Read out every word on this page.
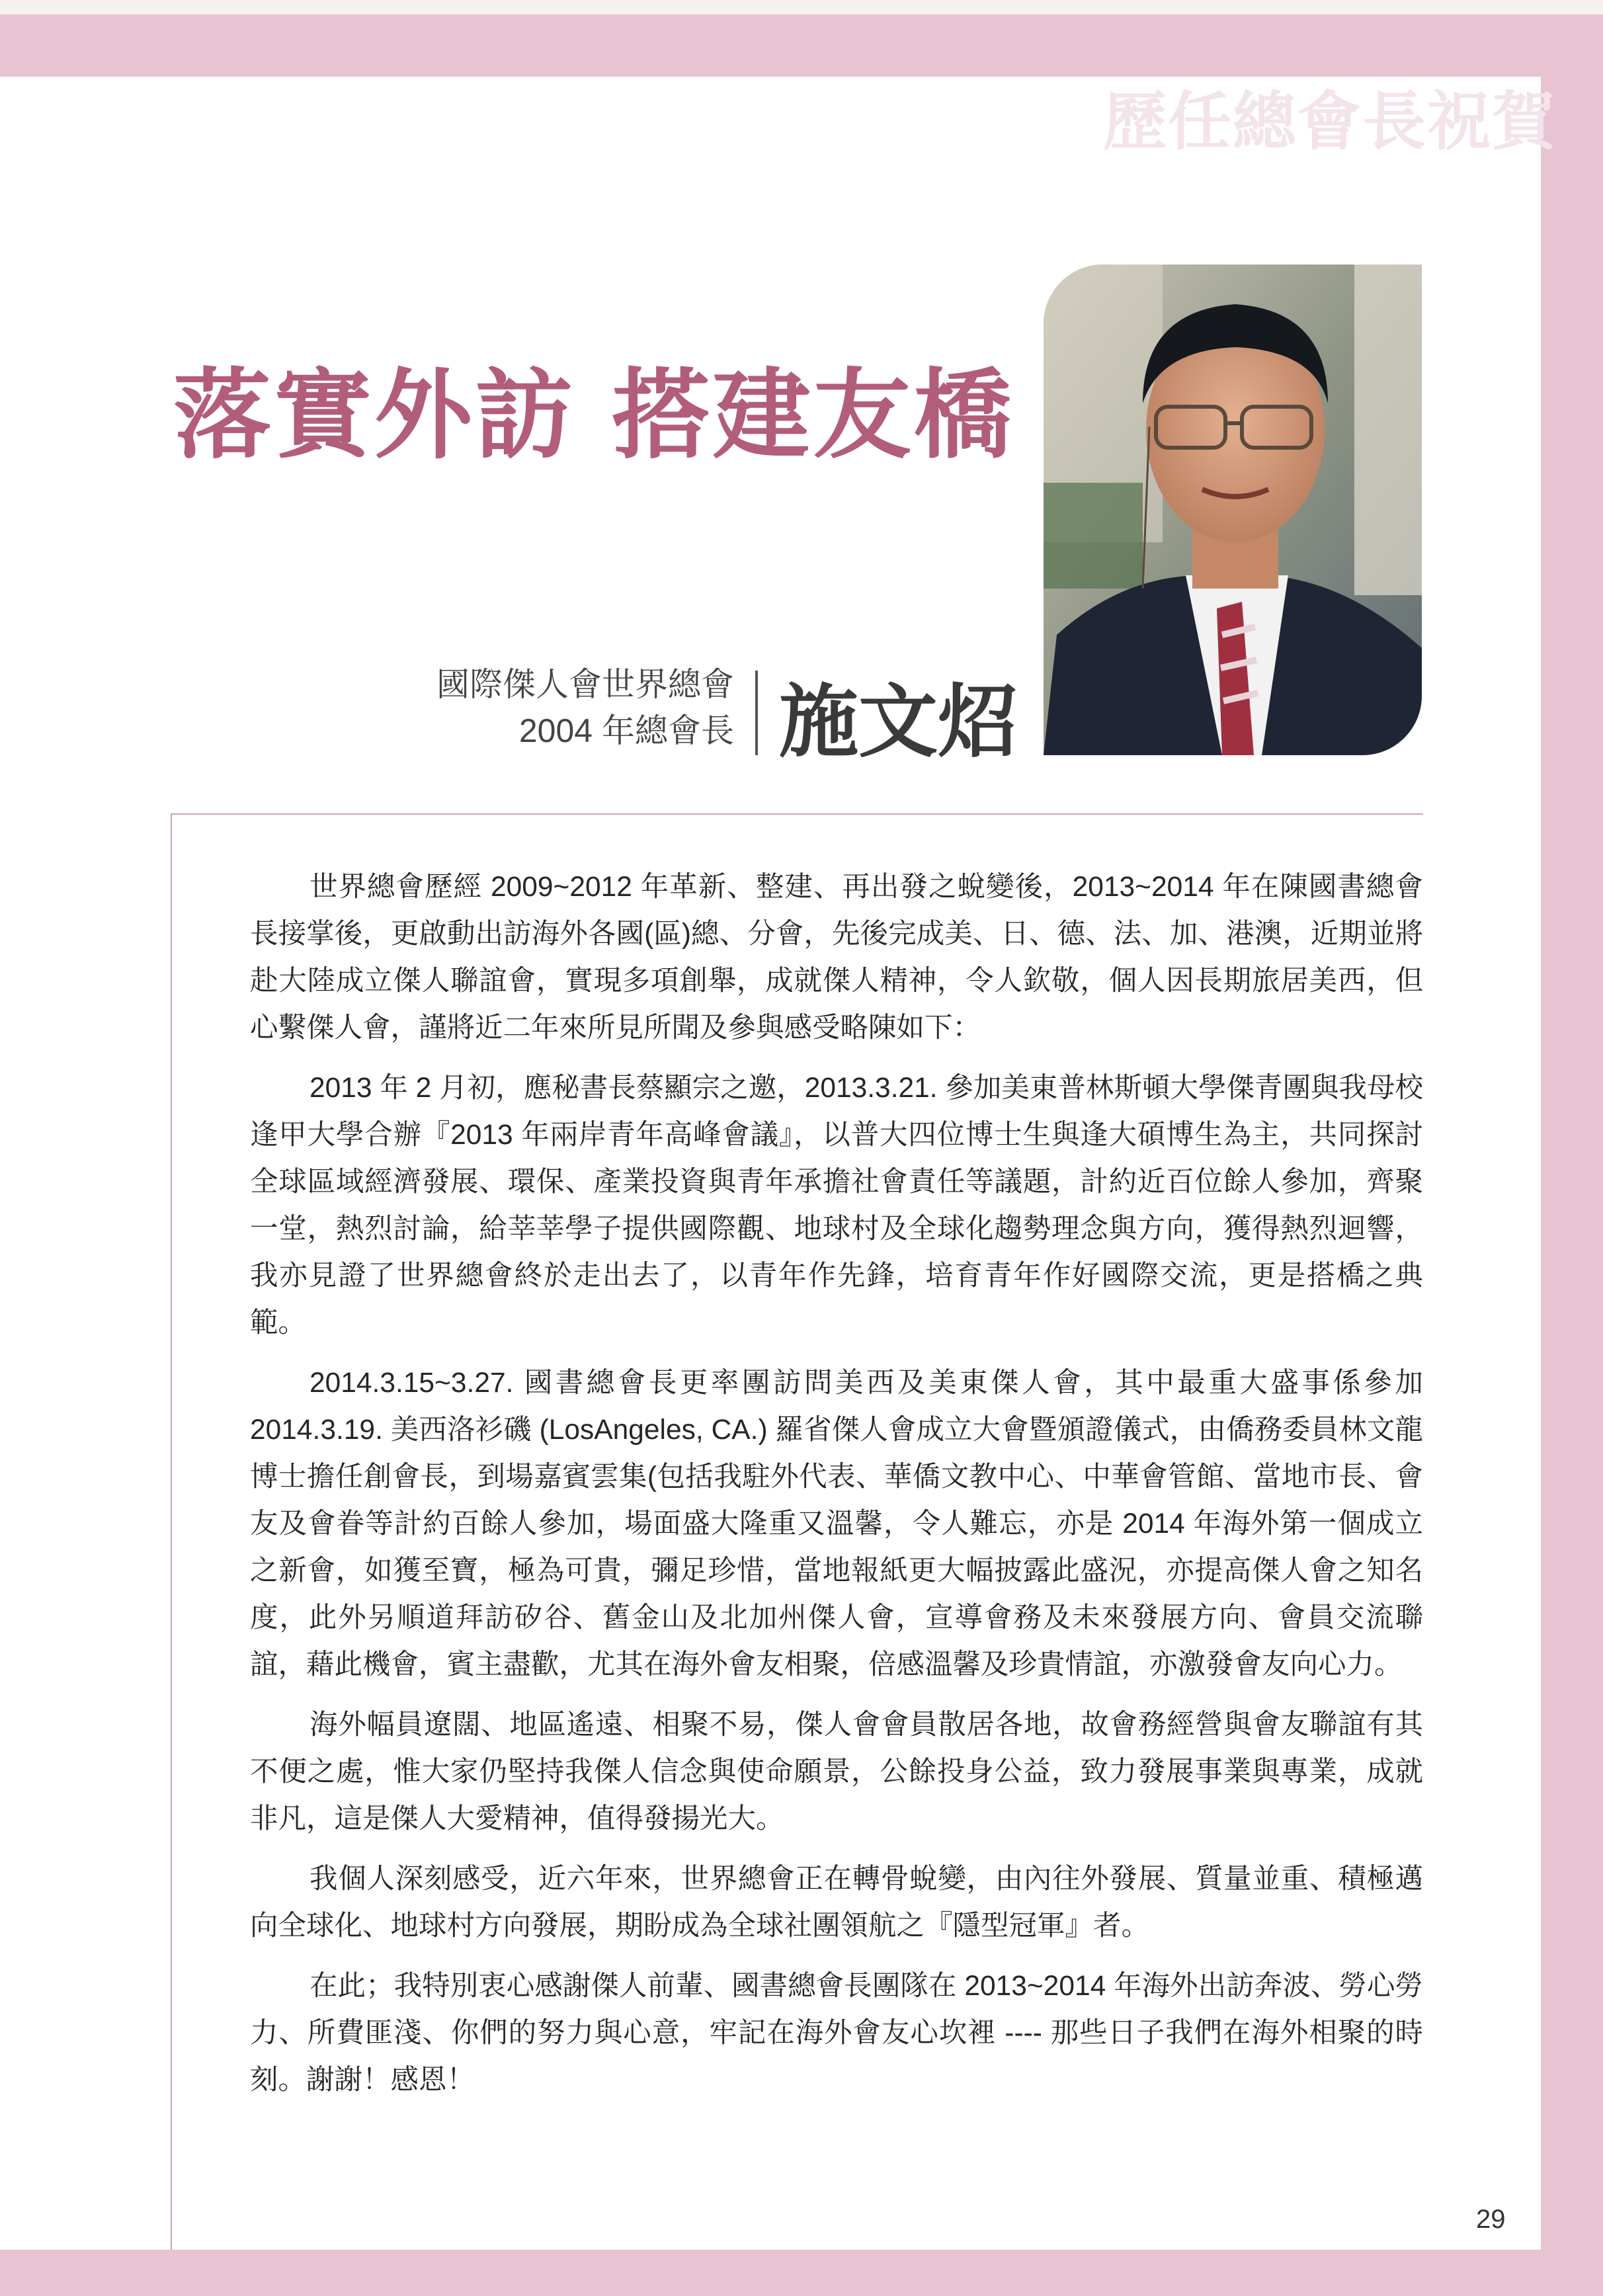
歷任總會長祝賀
落實外訪 搭建友橋
國際傑人會世界總會
2004 年總會長 施文炤

世界總會歷經 2009~2012 年革新、整建、再出發之蛻變後，2013~2014 年在陳國書總會長接掌後，更啟動出訪海外各國(區)總、分會，先後完成美、日、德、法、加、港澳，近期並將赴大陸成立傑人聯誼會，實現多項創舉，成就傑人精神，令人欽敬，個人因長期旅居美西，但心繫傑人會，謹將近二年來所見所聞及參與感受略陳如下：

2013 年 2 月初，應秘書長蔡顯宗之邀，2013.3.21. 參加美東普林斯頓大學傑青團與我母校逢甲大學合辦『2013 年兩岸青年高峰會議』，以普大四位博士生與逢大碩博生為主，共同探討全球區域經濟發展、環保、產業投資與青年承擔社會責任等議題，計約近百位餘人參加，齊聚一堂，熱烈討論，給莘莘學子提供國際觀、地球村及全球化趨勢理念與方向，獲得熱烈迴響，我亦見證了世界總會終於走出去了，以青年作先鋒，培育青年作好國際交流，更是搭橋之典範。

2014.3.15~3.27. 國書總會長更率團訪問美西及美東傑人會，其中最重大盛事係參加 2014.3.19. 美西洛衫磯 (LosAngeles, CA.) 羅省傑人會成立大會暨頒證儀式，由僑務委員林文龍博士擔任創會長，到場嘉賓雲集(包括我駐外代表、華僑文教中心、中華會管館、當地市長、會友及會眷等計約百餘人參加，場面盛大隆重又溫馨，令人難忘，亦是 2014 年海外第一個成立之新會，如獲至寶，極為可貴，彌足珍惜，當地報紙更大幅披露此盛況，亦提高傑人會之知名度，此外另順道拜訪矽谷、舊金山及北加州傑人會，宣導會務及未來發展方向、會員交流聯誼，藉此機會，賓主盡歡，尤其在海外會友相聚，倍感溫馨及珍貴情誼，亦激發會友向心力。

海外幅員遼闊、地區遙遠、相聚不易，傑人會會員散居各地，故會務經營與會友聯誼有其不便之處，惟大家仍堅持我傑人信念與使命願景，公餘投身公益，致力發展事業與專業，成就非凡，這是傑人大愛精神，值得發揚光大。

我個人深刻感受，近六年來，世界總會正在轉骨蛻變，由內往外發展、質量並重、積極邁向全球化、地球村方向發展，期盼成為全球社團領航之『隱型冠軍』者。

在此；我特別衷心感謝傑人前輩、國書總會長團隊在 2013~2014 年海外出訪奔波、勞心勞力、所費匪淺、你們的努力與心意，牢記在海外會友心坎裡 ---- 那些日子我們在海外相聚的時刻。謝謝！感恩！

29
